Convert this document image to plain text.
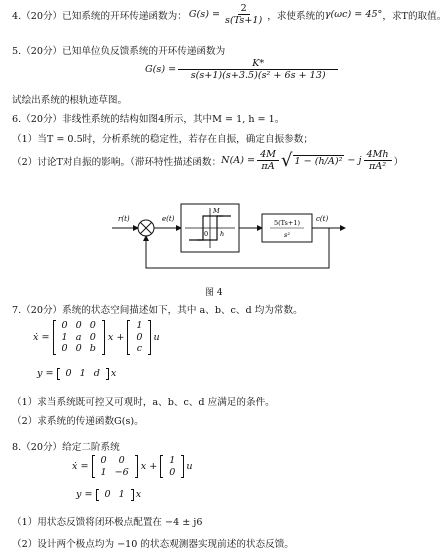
4.（20分）已知系统的开环传递函数为： $G(s) = \frac{2}{s(Ts+1)}$ ，求使系统的 γ(ωc) = 45° ，求T的取值。
5.（20分）已知单位负反馈系统的开环传递函数为
$G(s) = \frac{K*}{\text{s(s+1)(s+3.5)(s² + 6s + 13)}}$
试绘出系统的根轨迹草图。
6.（20分）非线性系统的结构如图4所示，其中M = 1, h = 1。
（1）当T = 0.5时，分析系统的稳定性，若存在自振，确定自振参数；
（2）讨论T对自振的影响。（滞环特性描述函数： $N(A) = \frac{4M}{\pi A}$ √ 1 − (h/A)² − j $\frac{4Mh}{\text{πA²}}$ ）
r(t)	e(t)
M
0 h
5(Ts+1)
s²
c(t)
图 4
7.（20分）系统的状态空间描述如下，其中 a、b、c、d 均为常数。
ẋ =
0	0	0
1	a	0
0	0	b
x +
1
0
c
u
y = 0	1	d x
（1）求当系统既可控又可观时，a、b、c、d 应满足的条件。
（2）求系统的传递函数G(s)。
8.（20分）给定二阶系统
ẋ =
0	0
1	−6 x +
1
0 u
y = 0	1 x
（1）用状态反馈将闭环极点配置在 −4 ± j6
（2）设计两个极点均为 −10 的状态观测器实现前述的状态反馈。
